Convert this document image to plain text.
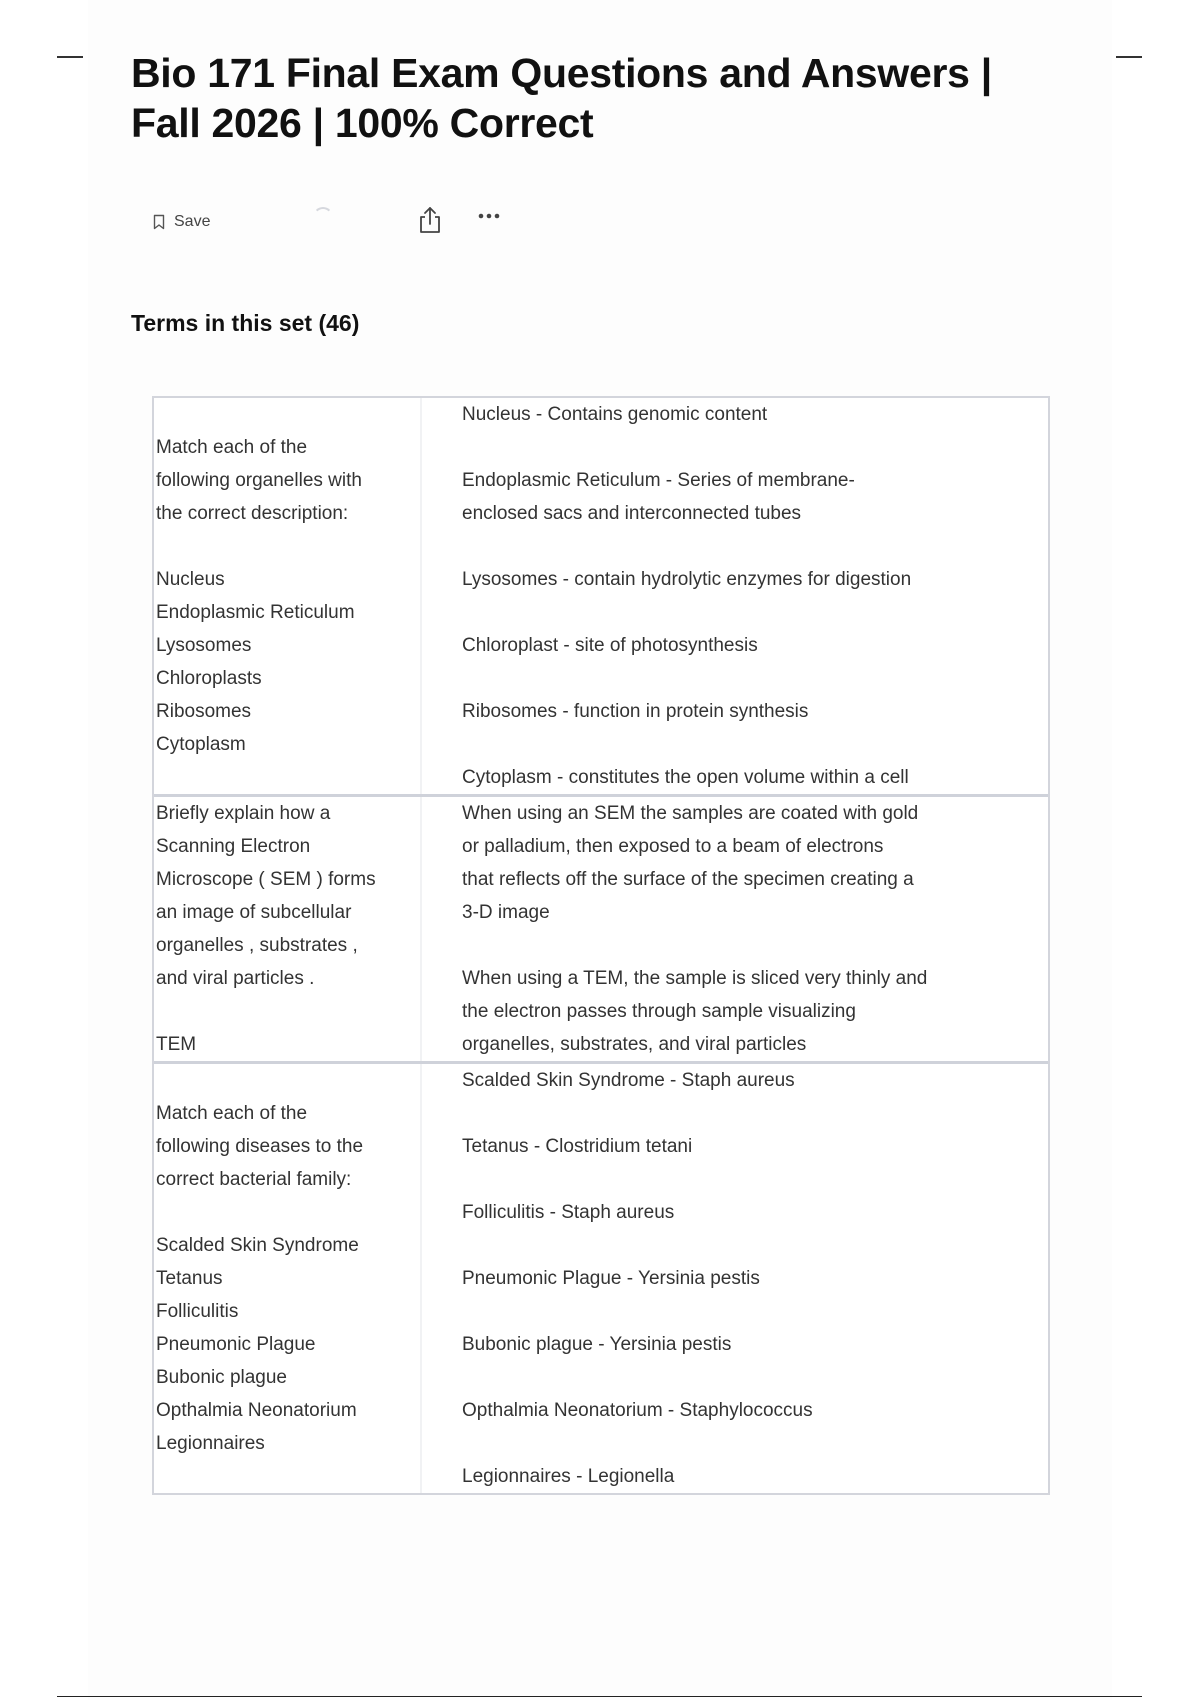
Bio 171 Final Exam Questions and Answers | Fall 2026 | 100% Correct
Save
Terms in this set (46)

Match each of the
following organelles with
the correct description:

Nucleus
Endoplasmic Reticulum
Lysosomes
Chloroplasts
Ribosomes
Cytoplasm
Nucleus - Contains genomic content

Endoplasmic Reticulum - Series of membrane-
enclosed sacs and interconnected tubes

Lysosomes - contain hydrolytic enzymes for digestion

Chloroplast - site of photosynthesis

Ribosomes - function in protein synthesis

Cytoplasm - constitutes the open volume within a cell
Briefly explain how a
Scanning Electron
Microscope ( SEM ) forms
an image of subcellular
organelles , substrates ,
and viral particles .

TEM
When using an SEM the samples are coated with gold
or palladium, then exposed to a beam of electrons
that reflects off the surface of the specimen creating a
3-D image

When using a TEM, the sample is sliced very thinly and
the electron passes through sample visualizing
organelles, substrates, and viral particles

Match each of the
following diseases to the
correct bacterial family:

Scalded Skin Syndrome
Tetanus
Folliculitis
Pneumonic Plague
Bubonic plague
Opthalmia Neonatorium
Legionnaires
Scalded Skin Syndrome - Staph aureus

Tetanus - Clostridium tetani

Folliculitis - Staph aureus

Pneumonic Plague - Yersinia pestis

Bubonic plague - Yersinia pestis

Opthalmia Neonatorium - Staphylococcus

Legionnaires - Legionella
